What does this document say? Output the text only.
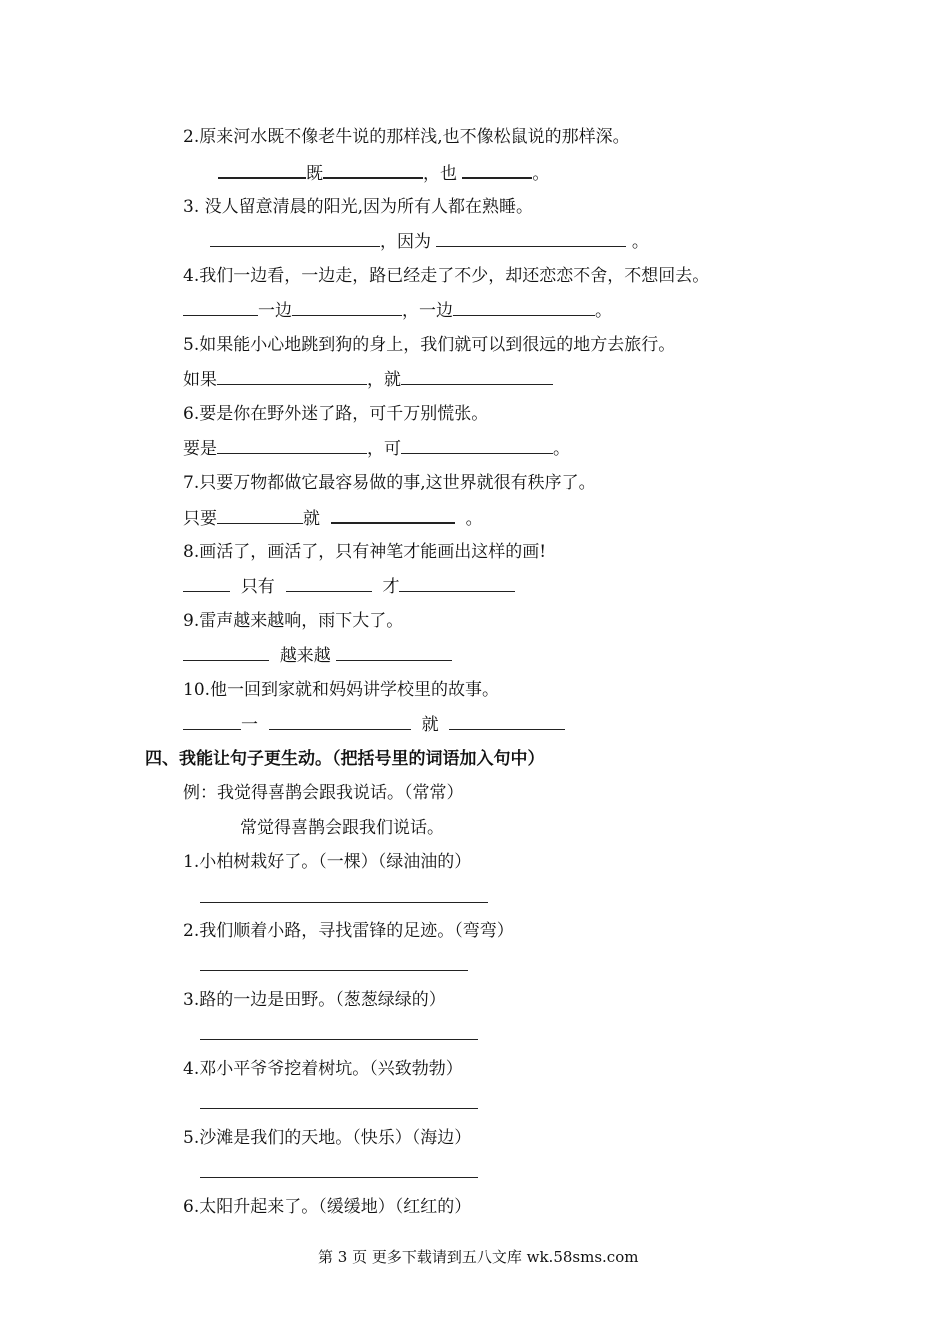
2.原来河水既不像老牛说的那样浅,也不像松鼠说的那样深。
既	，也	。
3. 没人留意清晨的阳光,因为所有人都在熟睡。
，因为	。
4.我们一边看，一边走，路已经走了不少，却还恋恋不舍，不想回去。
一边	，一边	。
5.如果能小心地跳到狗的身上，我们就可以到很远的地方去旅行。
如果	，就
6.要是你在野外迷了路，可千万别慌张。
要是	，可	。
7.只要万物都做它最容易做的事,这世界就很有秩序了。
只要	就	。
8.画活了，画活了，只有神笔才能画出这样的画!
只有	才
9.雷声越来越响，雨下大了。
越来越
10.他一回到家就和妈妈讲学校里的故事。
一	就
四、我能让句子更生动。（把括号里的词语加入句中）
例：我觉得喜鹊会跟我说话。（常常）
常觉得喜鹊会跟我们说话。
1.小柏树栽好了。（一棵）（绿油油的）
2.我们顺着小路，寻找雷锋的足迹。（弯弯）
3.路的一边是田野。（葱葱绿绿的）
4.邓小平爷爷挖着树坑。（兴致勃勃）
5.沙滩是我们的天地。（快乐）（海边）
6.太阳升起来了。（缓缓地）（红红的）
第 3 页 更多下载请到五八文库 wk.58sms.com
